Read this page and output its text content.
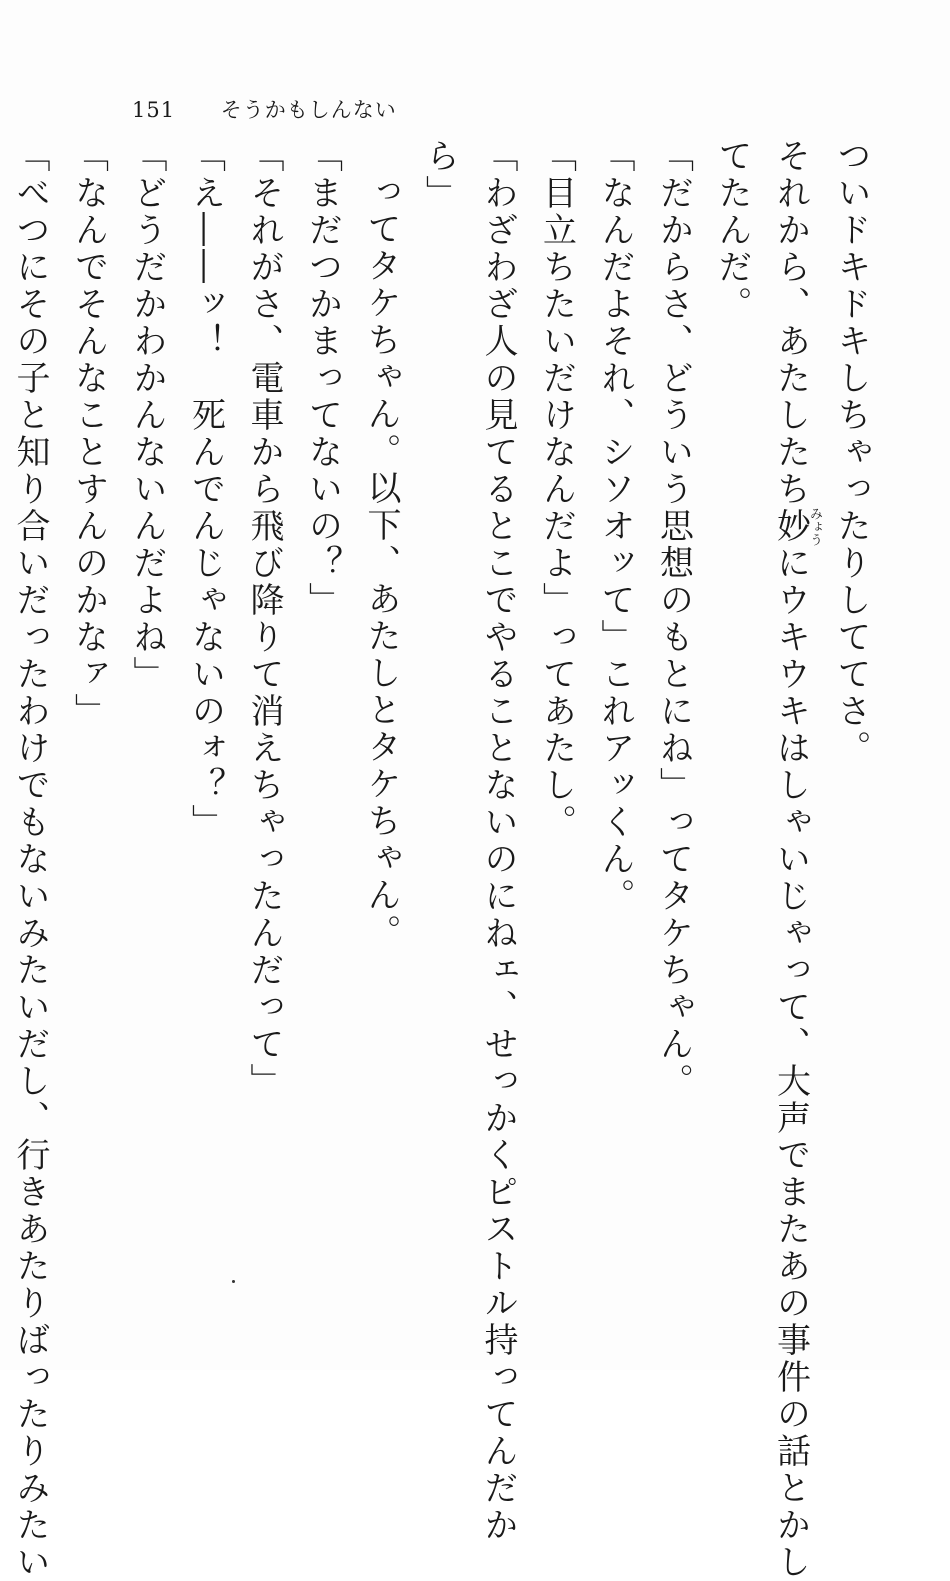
151 そうかもしんない

ついドキドキしちゃったりしててさ。

それから、あたしたち妙みょうにウキウキはしゃいじゃって、大声でまたあの事件の話とかし

てたんだ。

「だからさ、どういう思想のもとにね」ってタケちゃん。

「なんだよそれ、シソオッて」これアッくん。

「目立ちたいだけなんだよ」ってあたし。

「わざわざ人の見てるとこでやることないのにねェ、せっかくピストル持ってんだか

ら」

ってタケちゃん。以下、あたしとタケちゃん。

「まだつかまってないの？」

「それがさ、電車から飛び降りて消えちゃったんだって」

「え――ッ！　死んでんじゃないのォ？」

「どうだかわかんないんだよね」

「なんでそんなことすんのかなァ」

「べつにその子と知り合いだったわけでもないみたいだし、行きあたりばったりみたい
